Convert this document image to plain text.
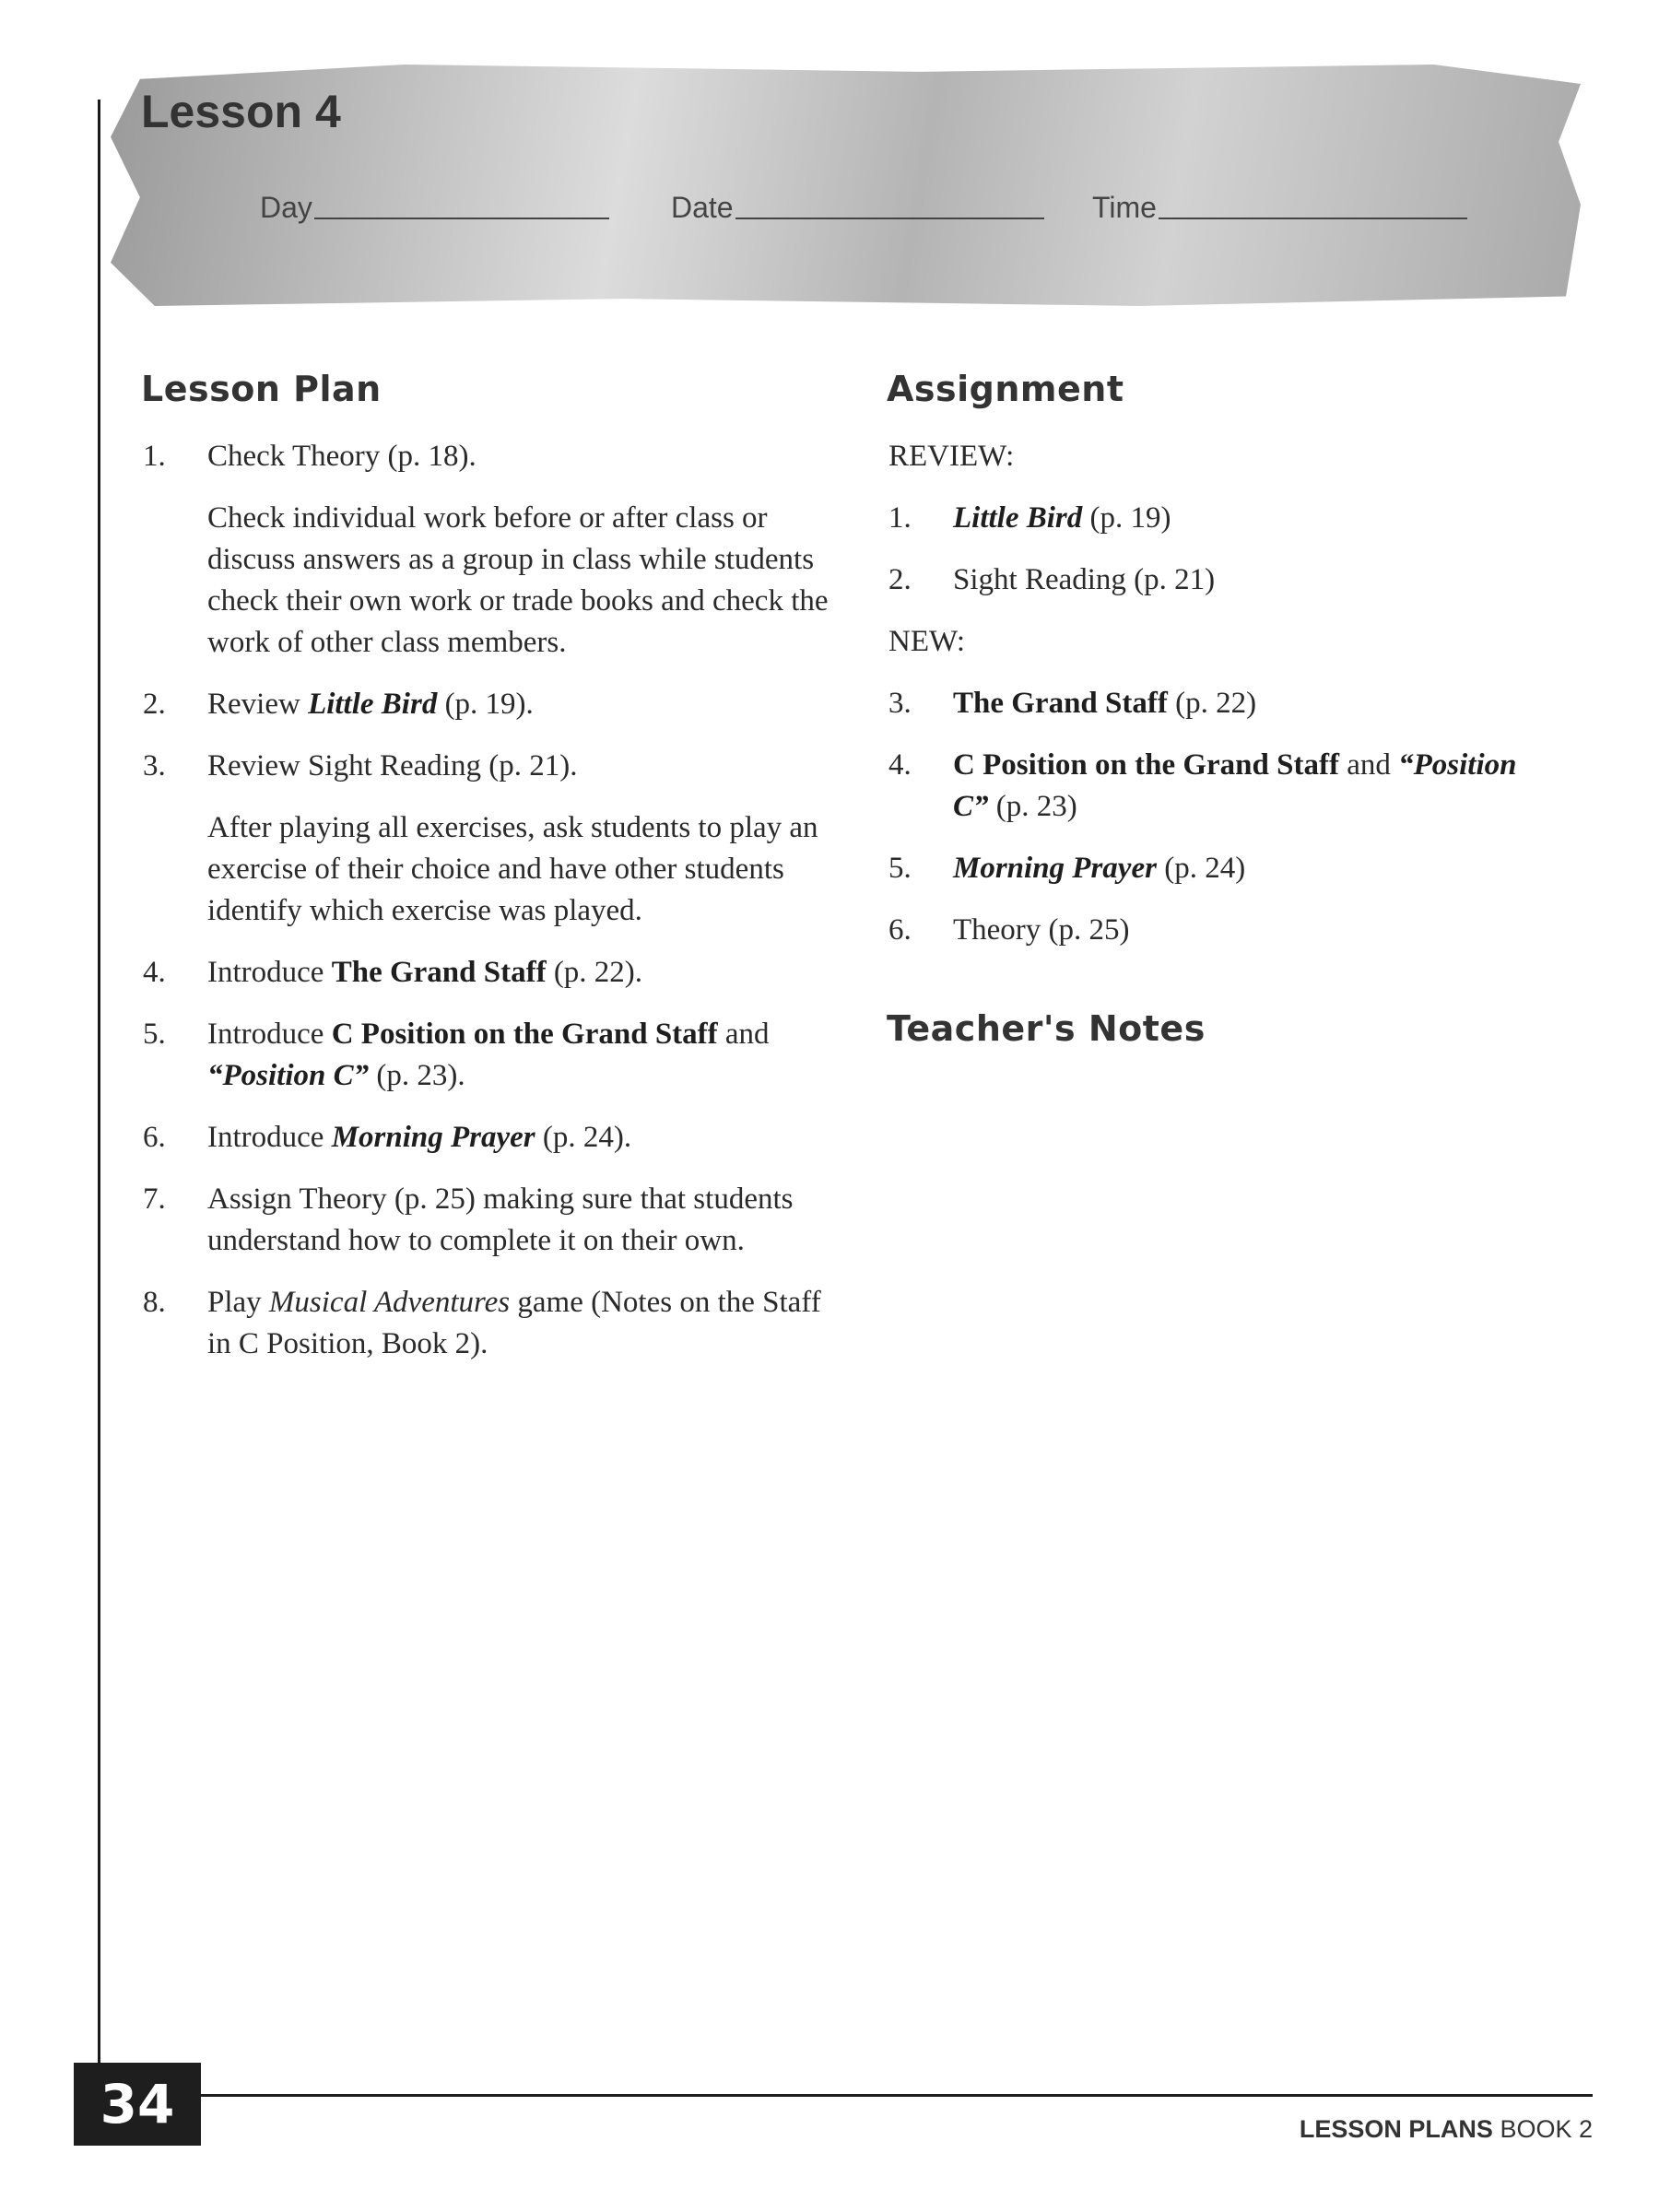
Lesson 4
Day	Date	Time
Lesson Plan
1. Check Theory (p. 18).

Check individual work before or after class or discuss answers as a group in class while students check their own work or trade books and check the work of other class members.

2. Review Little Bird (p. 19).
3. Review Sight Reading (p. 21).

After playing all exercises, ask students to play an exercise of their choice and have other students identify which exercise was played.

4. Introduce The Grand Staff (p. 22).
5. Introduce C Position on the Grand Staff and “Position C” (p. 23).
6. Introduce Morning Prayer (p. 24).
7. Assign Theory (p. 25) making sure that students understand how to complete it on their own.
8. Play Musical Adventures game (Notes on the Staff in C Position, Book 2).
Assignment

REVIEW:

1. Little Bird (p. 19)
2. Sight Reading (p. 21)

NEW:

3. The Grand Staff (p. 22)
4. C Position on the Grand Staff and “Position C” (p. 23)
5. Morning Prayer (p. 24)
6. Theory (p. 25)
Teacher's Notes
34	LESSON PLANS BOOK 2
